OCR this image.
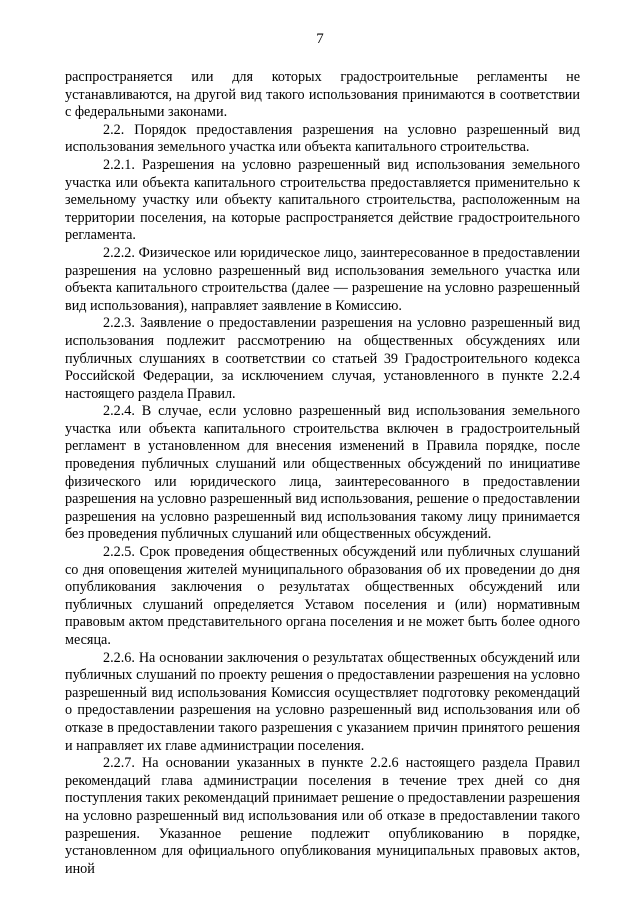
7

распространяется или для которых градостроительные регламенты не устанавливаются, на другой вид такого использования принимаются в соответствии с федеральными законами.

2.2. Порядок предоставления разрешения на условно разрешенный вид использования земельного участка или объекта капитального строительства.

2.2.1. Разрешения на условно разрешенный вид использования земельного участка или объекта капитального строительства предоставляется применительно к земельному участку или объекту капитального строительства, расположенным на территории поселения, на которые распространяется действие градостроительного регламента.

2.2.2. Физическое или юридическое лицо, заинтересованное в предоставлении разрешения на условно разрешенный вид использования земельного участка или объекта капитального строительства (далее — разрешение на условно разрешенный вид использования), направляет заявление в Комиссию.

2.2.3. Заявление о предоставлении разрешения на условно разрешенный вид использования подлежит рассмотрению на общественных обсуждениях или публичных слушаниях в соответствии со статьей 39 Градостроительного кодекса Российской Федерации, за исключением случая, установленного в пункте 2.2.4 настоящего раздела Правил.

2.2.4. В случае, если условно разрешенный вид использования земельного участка или объекта капитального строительства включен в градостроительный регламент в установленном для внесения изменений в Правила порядке, после проведения публичных слушаний или общественных обсуждений по инициативе физического или юридического лица, заинтересованного в предоставлении разрешения на условно разрешенный вид использования, решение о предоставлении разрешения на условно разрешенный вид использования такому лицу принимается без проведения публичных слушаний или общественных обсуждений.

2.2.5. Срок проведения общественных обсуждений или публичных слушаний со дня оповещения жителей муниципального образования об их проведении до дня опубликования заключения о результатах общественных обсуждений или публичных слушаний определяется Уставом поселения и (или) нормативным правовым актом представительного органа поселения и не может быть более одного месяца.

2.2.6. На основании заключения о результатах общественных обсуждений или публичных слушаний по проекту решения о предоставлении разрешения на условно разрешенный вид использования Комиссия осуществляет подготовку рекомендаций о предоставлении разрешения на условно разрешенный вид использования или об отказе в предоставлении такого разрешения с указанием причин принятого решения и направляет их главе администрации поселения.

2.2.7. На основании указанных в пункте 2.2.6 настоящего раздела Правил рекомендаций глава администрации поселения в течение трех дней со дня поступления таких рекомендаций принимает решение о предоставлении разрешения на условно разрешенный вид использования или об отказе в предоставлении такого разрешения. Указанное решение подлежит опубликованию в порядке, установленном для официального опубликования муниципальных правовых актов, иной
